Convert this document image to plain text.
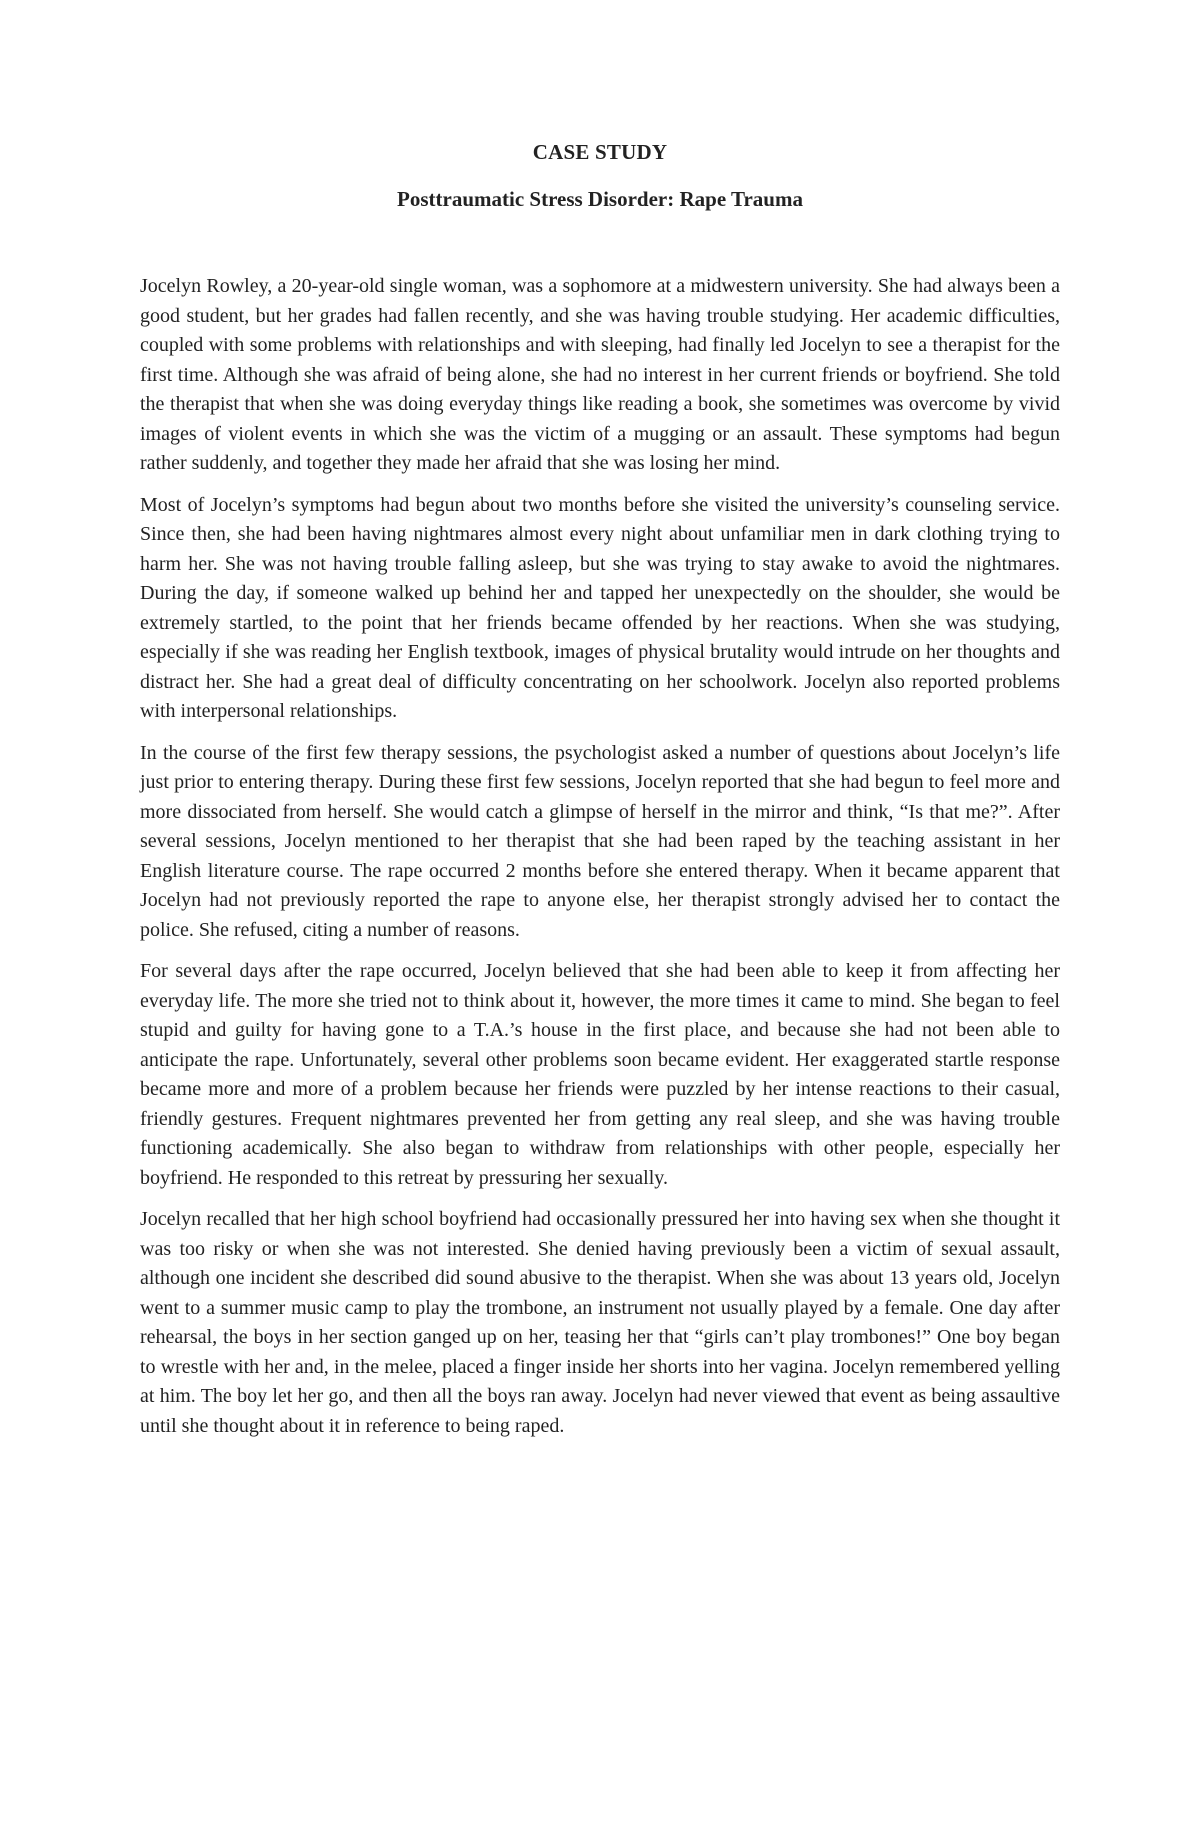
CASE STUDY
Posttraumatic Stress Disorder: Rape Trauma

Jocelyn Rowley, a 20-year-old single woman, was a sophomore at a midwestern university. She had always been a good student, but her grades had fallen recently, and she was having trouble studying. Her academic difficulties, coupled with some problems with relationships and with sleeping, had finally led Jocelyn to see a therapist for the first time. Although she was afraid of being alone, she had no interest in her current friends or boyfriend. She told the therapist that when she was doing everyday things like reading a book, she sometimes was overcome by vivid images of violent events in which she was the victim of a mugging or an assault. These symptoms had begun rather suddenly, and together they made her afraid that she was losing her mind.

Most of Jocelyn’s symptoms had begun about two months before she visited the university’s counseling service. Since then, she had been having nightmares almost every night about unfamiliar men in dark clothing trying to harm her. She was not having trouble falling asleep, but she was trying to stay awake to avoid the nightmares. During the day, if someone walked up behind her and tapped her unexpectedly on the shoulder, she would be extremely startled, to the point that her friends became offended by her reactions. When she was studying, especially if she was reading her English textbook, images of physical brutality would intrude on her thoughts and distract her. She had a great deal of difficulty concentrating on her schoolwork. Jocelyn also reported problems with interpersonal relationships.

In the course of the first few therapy sessions, the psychologist asked a number of questions about Jocelyn’s life just prior to entering therapy. During these first few sessions, Jocelyn reported that she had begun to feel more and more dissociated from herself. She would catch a glimpse of herself in the mirror and think, “Is that me?”. After several sessions, Jocelyn mentioned to her therapist that she had been raped by the teaching assistant in her English literature course. The rape occurred 2 months before she entered therapy. When it became apparent that Jocelyn had not previously reported the rape to anyone else, her therapist strongly advised her to contact the police. She refused, citing a number of reasons.

For several days after the rape occurred, Jocelyn believed that she had been able to keep it from affecting her everyday life. The more she tried not to think about it, however, the more times it came to mind. She began to feel stupid and guilty for having gone to a T.A.’s house in the first place, and because she had not been able to anticipate the rape. Unfortunately, several other problems soon became evident. Her exaggerated startle response became more and more of a problem because her friends were puzzled by her intense reactions to their casual, friendly gestures. Frequent nightmares prevented her from getting any real sleep, and she was having trouble functioning academically. She also began to withdraw from relationships with other people, especially her boyfriend. He responded to this retreat by pressuring her sexually.

Jocelyn recalled that her high school boyfriend had occasionally pressured her into having sex when she thought it was too risky or when she was not interested. She denied having previously been a victim of sexual assault, although one incident she described did sound abusive to the therapist. When she was about 13 years old, Jocelyn went to a summer music camp to play the trombone, an instrument not usually played by a female. One day after rehearsal, the boys in her section ganged up on her, teasing her that “girls can’t play trombones!” One boy began to wrestle with her and, in the melee, placed a finger inside her shorts into her vagina. Jocelyn remembered yelling at him. The boy let her go, and then all the boys ran away. Jocelyn had never viewed that event as being assaultive until she thought about it in reference to being raped.
